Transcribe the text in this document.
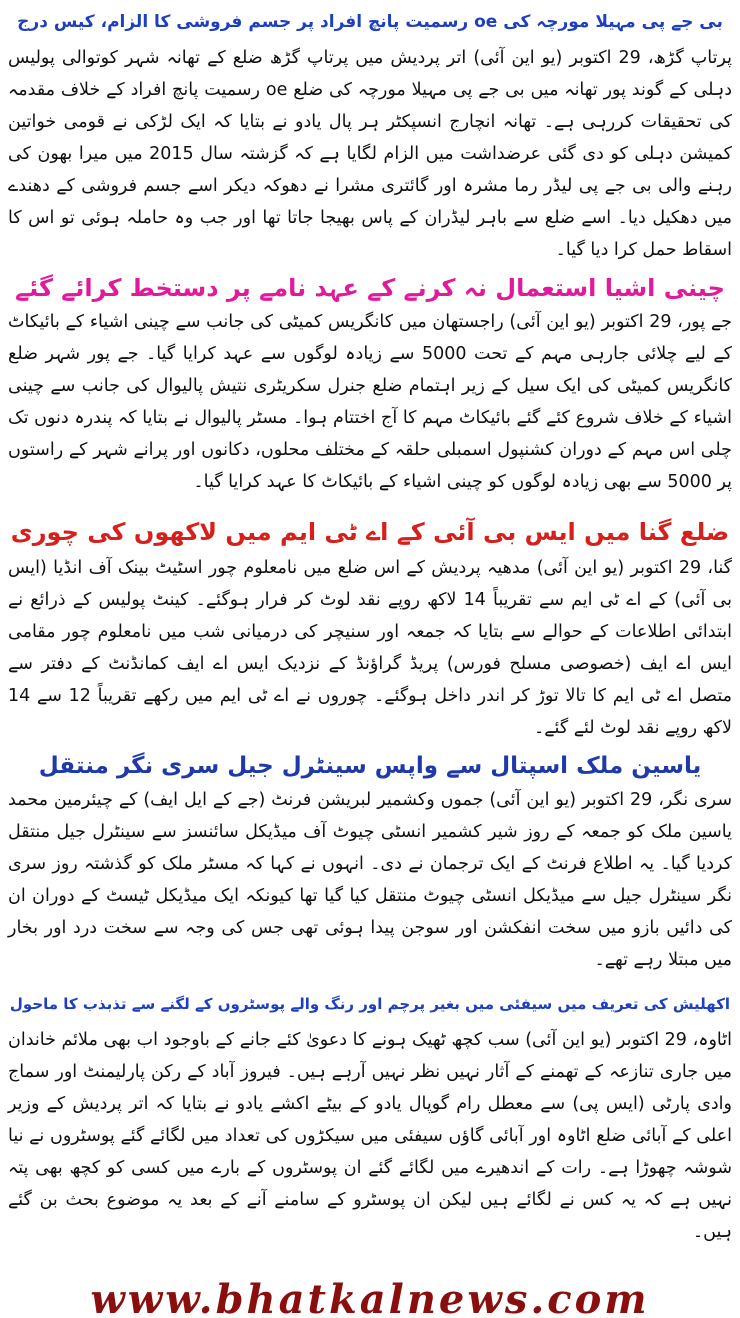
بی جے پی مہیلا مورچہ کی oe رسمیت پانچ افراد پر جسم فروشی کا الزام، کیس درج

پرتاپ گڑھ، 29 اکتوبر (یو این آئی) اتر پردیش میں پرتاپ گڑھ ضلع کے تھانہ شہر کوتوالی پولیس دہلی کے گوند پور تھانہ میں بی جے پی مہیلا مورچہ کی ضلع oe رسمیت پانچ افراد کے خلاف مقدمہ کی تحقیقات کررہی ہے۔ تھانہ انچارج انسپکٹر ہر پال یادو نے بتایا کہ ایک لڑکی نے قومی خواتین کمیشن دہلی کو دی گئی عرضداشت میں الزام لگایا ہے کہ گزشتہ سال 2015 میں میرا بھون کی رہنے والی بی جے پی لیڈر رما مشرہ اور گائتری مشرا نے دھوکہ دیکر اسے جسم فروشی کے دھندے میں دھکیل دیا۔ اسے ضلع سے باہر لیڈران کے پاس بھیجا جاتا تھا اور جب وہ حاملہ ہوئی تو اس کا اسقاط حمل کرا دیا گیا۔

چینی اشیا استعمال نہ کرنے کے عہد نامے پر دستخط کرائے گئے

جے پور، 29 اکتوبر (یو این آئی) راجستھان میں کانگریس کمیٹی کی جانب سے چینی اشیاء کے بائیکاٹ کے لیے چلائی جارہی مہم کے تحت 5000 سے زیادہ لوگوں سے عہد کرایا گیا۔ جے پور شہر ضلع کانگریس کمیٹی کی ایک سیل کے زیر اہتمام ضلع جنرل سکریٹری نتیش پالیوال کی جانب سے چینی اشیاء کے خلاف شروع کئے گئے بائیکاٹ مہم کا آج اختتام ہوا۔ مسٹر پالیوال نے بتایا کہ پندرہ دنوں تک چلی اس مہم کے دوران کشنپول اسمبلی حلقہ کے مختلف محلوں، دکانوں اور پرانے شہر کے راستوں پر 5000 سے بھی زیادہ لوگوں کو چینی اشیاء کے بائیکاٹ کا عہد کرایا گیا۔

ضلع گنا میں ایس بی آئی کے اے ٹی ایم میں لاکھوں کی چوری

گنا، 29 اکتوبر (یو این آئی) مدھیہ پردیش کے اس ضلع میں نامعلوم چور اسٹیٹ بینک آف انڈیا (ایس بی آئی) کے اے ٹی ایم سے تقریباً 14 لاکھ روپے نقد لوٹ کر فرار ہوگئے۔ کینٹ پولیس کے ذرائع نے ابتدائی اطلاعات کے حوالے سے بتایا کہ جمعہ اور سنیچر کی درمیانی شب میں نامعلوم چور مقامی ایس اے ایف (خصوصی مسلح فورس) پریڈ گراؤنڈ کے نزدیک ایس اے ایف کمانڈنٹ کے دفتر سے متصل اے ٹی ایم کا تالا توڑ کر اندر داخل ہوگئے۔ چوروں نے اے ٹی ایم میں رکھے تقریباً 12 سے 14 لاکھ روپے نقد لوٹ لئے گئے۔

یاسین ملک اسپتال سے واپس سینٹرل جیل سری نگر منتقل

سری نگر، 29 اکتوبر (یو این آئی) جموں وکشمیر لبریشن فرنٹ (جے کے ایل ایف) کے چیئرمین محمد یاسین ملک کو جمعہ کے روز شیر کشمیر انسٹی چیوٹ آف میڈیکل سائنسز سے سینٹرل جیل منتقل کردیا گیا۔ یہ اطلاع فرنٹ کے ایک ترجمان نے دی۔ انہوں نے کہا کہ مسٹر ملک کو گذشتہ روز سری نگر سینٹرل جیل سے میڈیکل انسٹی چیوٹ منتقل کیا گیا تھا کیونکہ ایک میڈیکل ٹیسٹ کے دوران ان کی دائیں بازو میں سخت انفکشن اور سوجن پیدا ہوئی تھی جس کی وجہ سے سخت درد اور بخار میں مبتلا رہے تھے۔

اکھلیش کی تعریف میں سیفئی میں بغیر پرچم اور رنگ والے پوسٹروں کے لگنے سے تذبذب کا ماحول

اٹاوہ، 29 اکتوبر (یو این آئی) سب کچھ ٹھیک ہونے کا دعویٰ کئے جانے کے باوجود اب بھی ملائم خاندان میں جاری تنازعہ کے تھمنے کے آثار نہیں نظر نہیں آرہے ہیں۔ فیروز آباد کے رکن پارلیمنٹ اور سماج وادی پارٹی (ایس پی) سے معطل رام گوپال یادو کے بیٹے اکشے یادو نے بتایا کہ اتر پردیش کے وزیر اعلی کے آبائی ضلع اٹاوہ اور آبائی گاؤں سیفئی میں سیکڑوں کی تعداد میں لگائے گئے پوسٹروں نے نیا شوشہ چھوڑا ہے۔ رات کے اندھیرے میں لگائے گئے ان پوسٹروں کے بارے میں کسی کو کچھ بھی پتہ نہیں ہے کہ یہ کس نے لگائے ہیں لیکن ان پوسٹرو کے سامنے آنے کے بعد یہ موضوع بحث بن گئے ہیں۔

www.bhatkalnews.com
